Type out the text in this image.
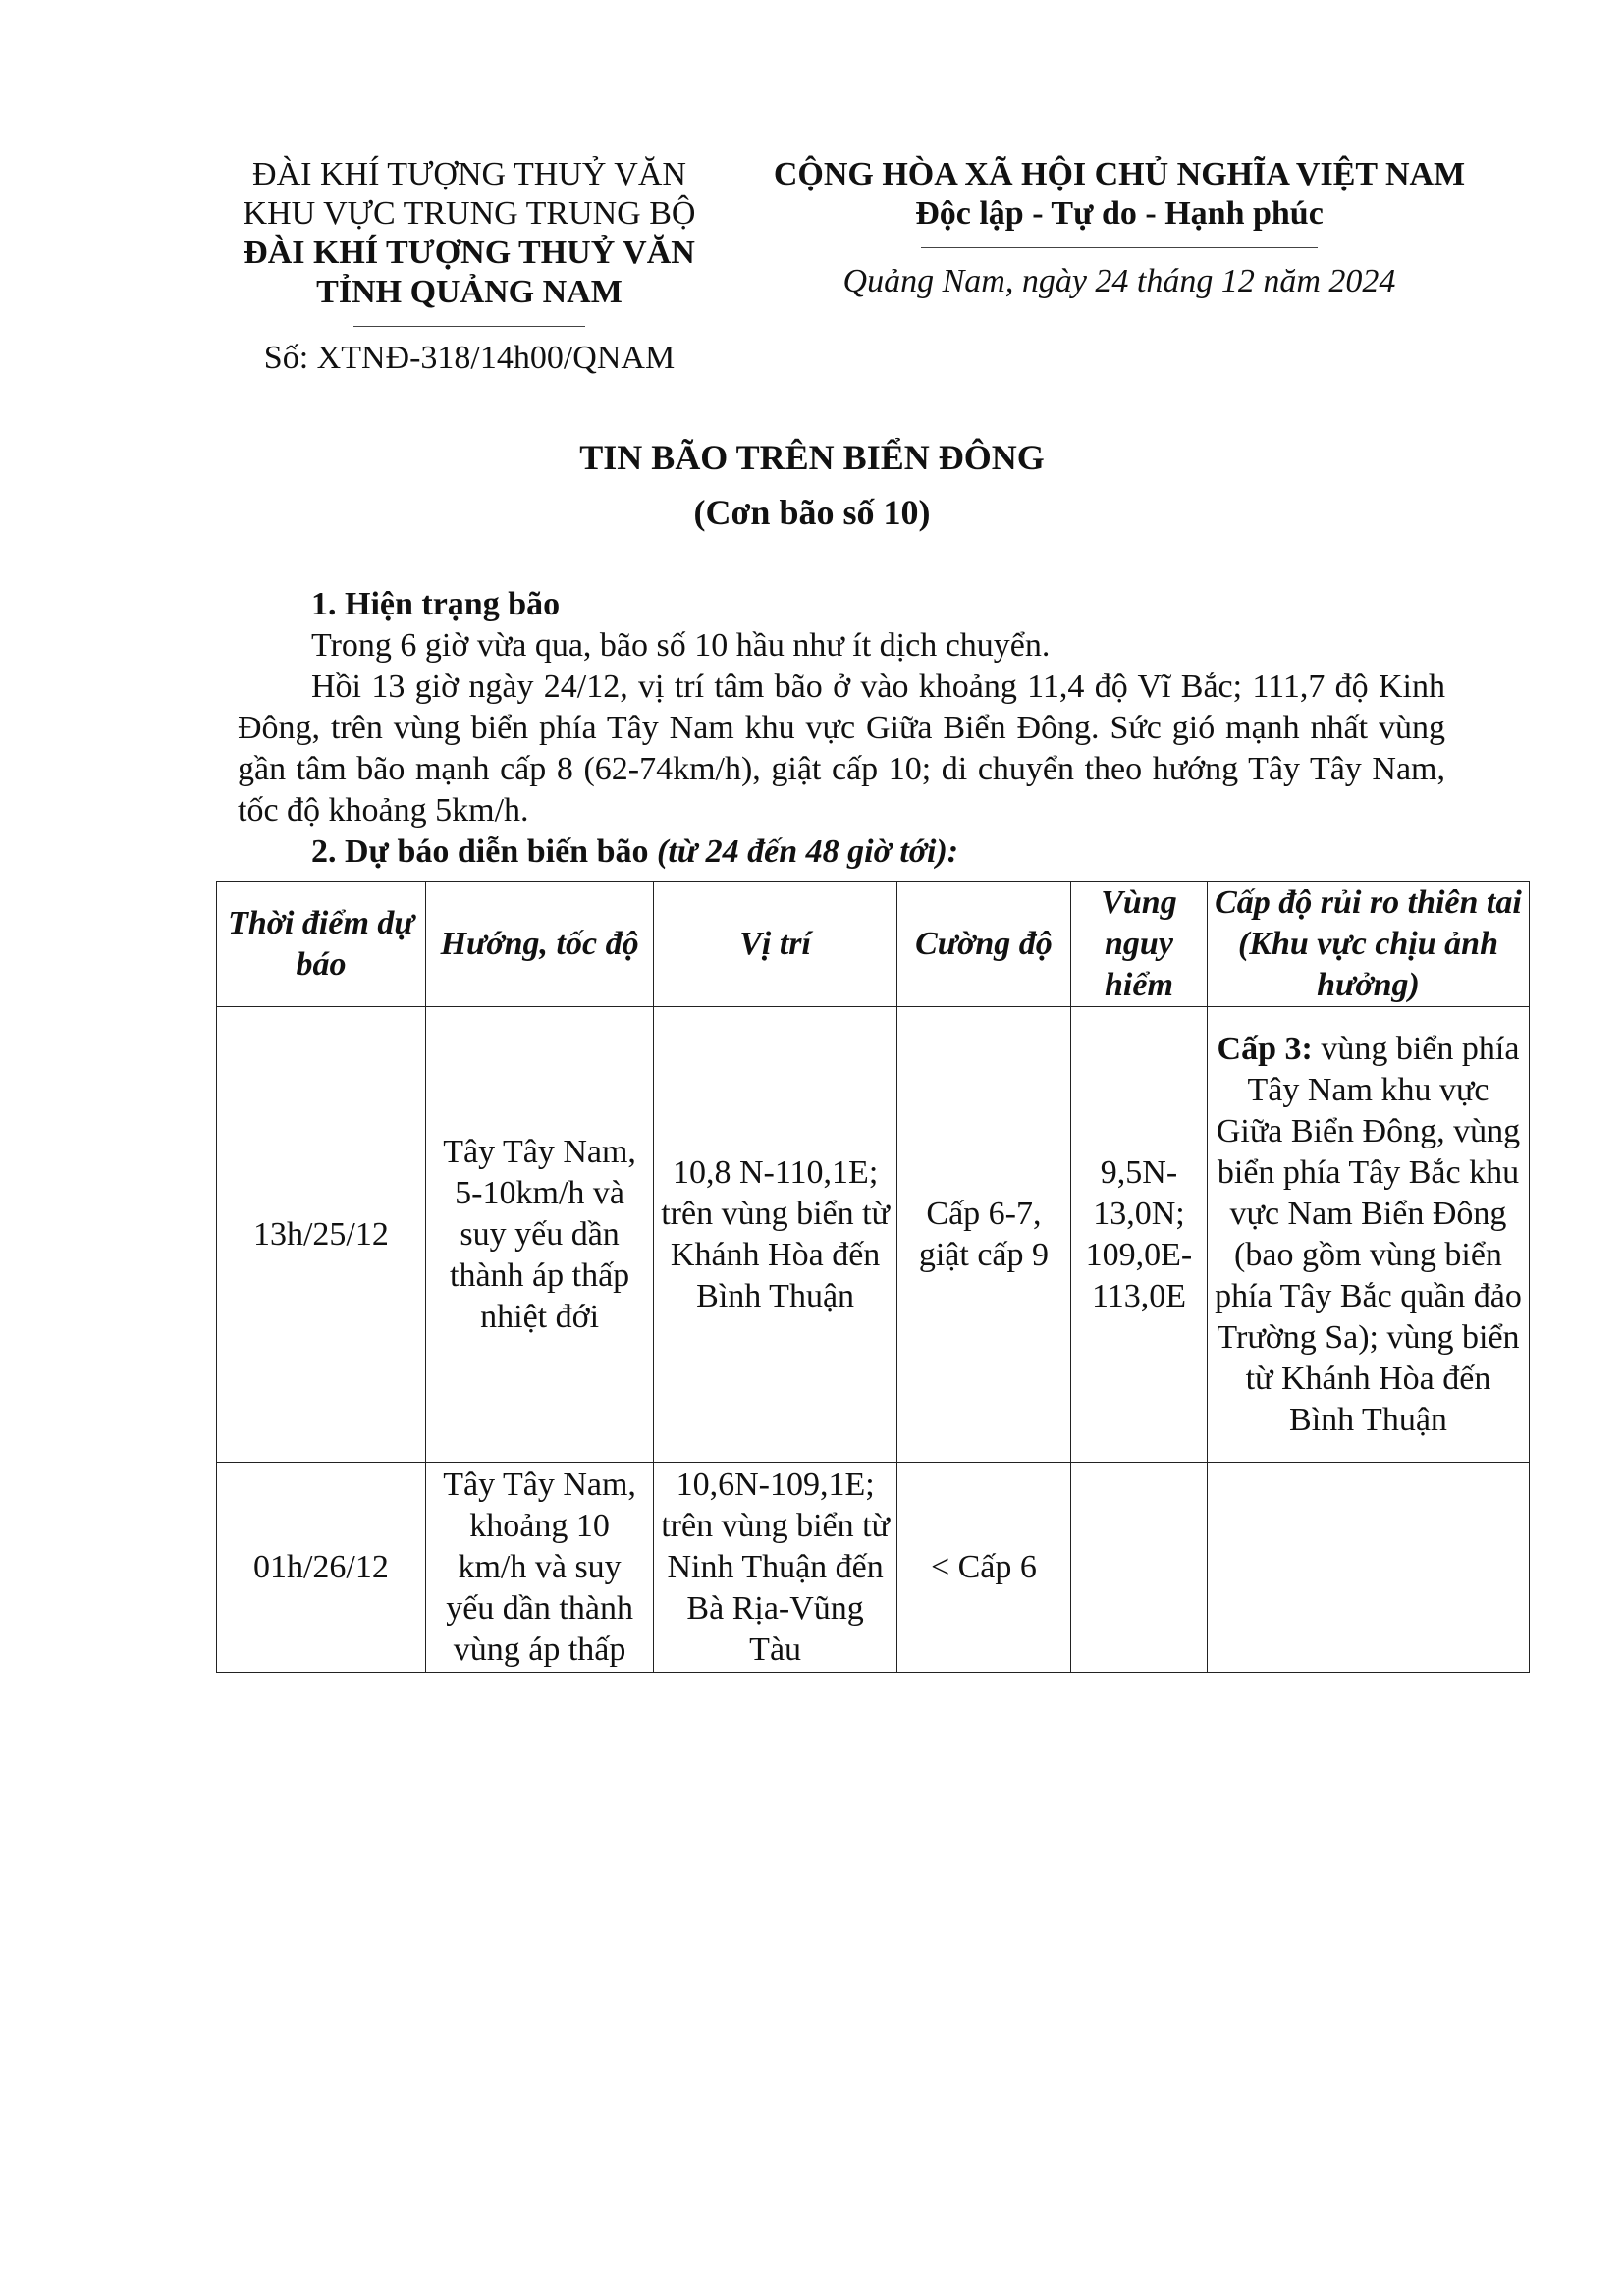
ĐÀI KHÍ TƯỢNG THUỶ VĂN
KHU VỰC TRUNG TRUNG BỘ
ĐÀI KHÍ TƯỢNG THUỶ VĂN
TỈNH QUẢNG NAM
Số: XTNĐ-318/14h00/QNAM
CỘNG HÒA XÃ HỘI CHỦ NGHĨA VIỆT NAM
Độc lập - Tự do - Hạnh phúc
Quảng Nam, ngày 24 tháng 12 năm 2024
TIN BÃO TRÊN BIỂN ĐÔNG
(Cơn bão số 10)

1. Hiện trạng bão

Trong 6 giờ vừa qua, bão số 10 hầu như ít dịch chuyển.

Hồi 13 giờ ngày 24/12, vị trí tâm bão ở vào khoảng 11,4 độ Vĩ Bắc; 111,7 độ Kinh Đông, trên vùng biển phía Tây Nam khu vực Giữa Biển Đông. Sức gió mạnh nhất vùng gần tâm bão mạnh cấp 8 (62-74km/h), giật cấp 10; di chuyển theo hướng Tây Tây Nam, tốc độ khoảng 5km/h.

2. Dự báo diễn biến bão (từ 24 đến 48 giờ tới):

Thời điểm dự báo	Hướng, tốc độ	Vị trí	Cường độ	Vùng nguy hiểm	Cấp độ rủi ro thiên tai (Khu vực chịu ảnh hưởng)
13h/25/12	Tây Tây Nam, 5-10km/h và suy yếu dần thành áp thấp nhiệt đới	10,8 N-110,1E; trên vùng biển từ Khánh Hòa đến Bình Thuận	Cấp 6-7, giật cấp 9	9,5N-13,0N; 109,0E-113,0E	Cấp 3: vùng biển phía Tây Nam khu vực Giữa Biển Đông, vùng biển phía Tây Bắc khu vực Nam Biển Đông (bao gồm vùng biển phía Tây Bắc quần đảo Trường Sa); vùng biển từ Khánh Hòa đến Bình Thuận
01h/26/12	Tây Tây Nam, khoảng 10 km/h và suy yếu dần thành vùng áp thấp	10,6N-109,1E; trên vùng biển từ Ninh Thuận đến Bà Rịa-Vũng Tàu	< Cấp 6		
